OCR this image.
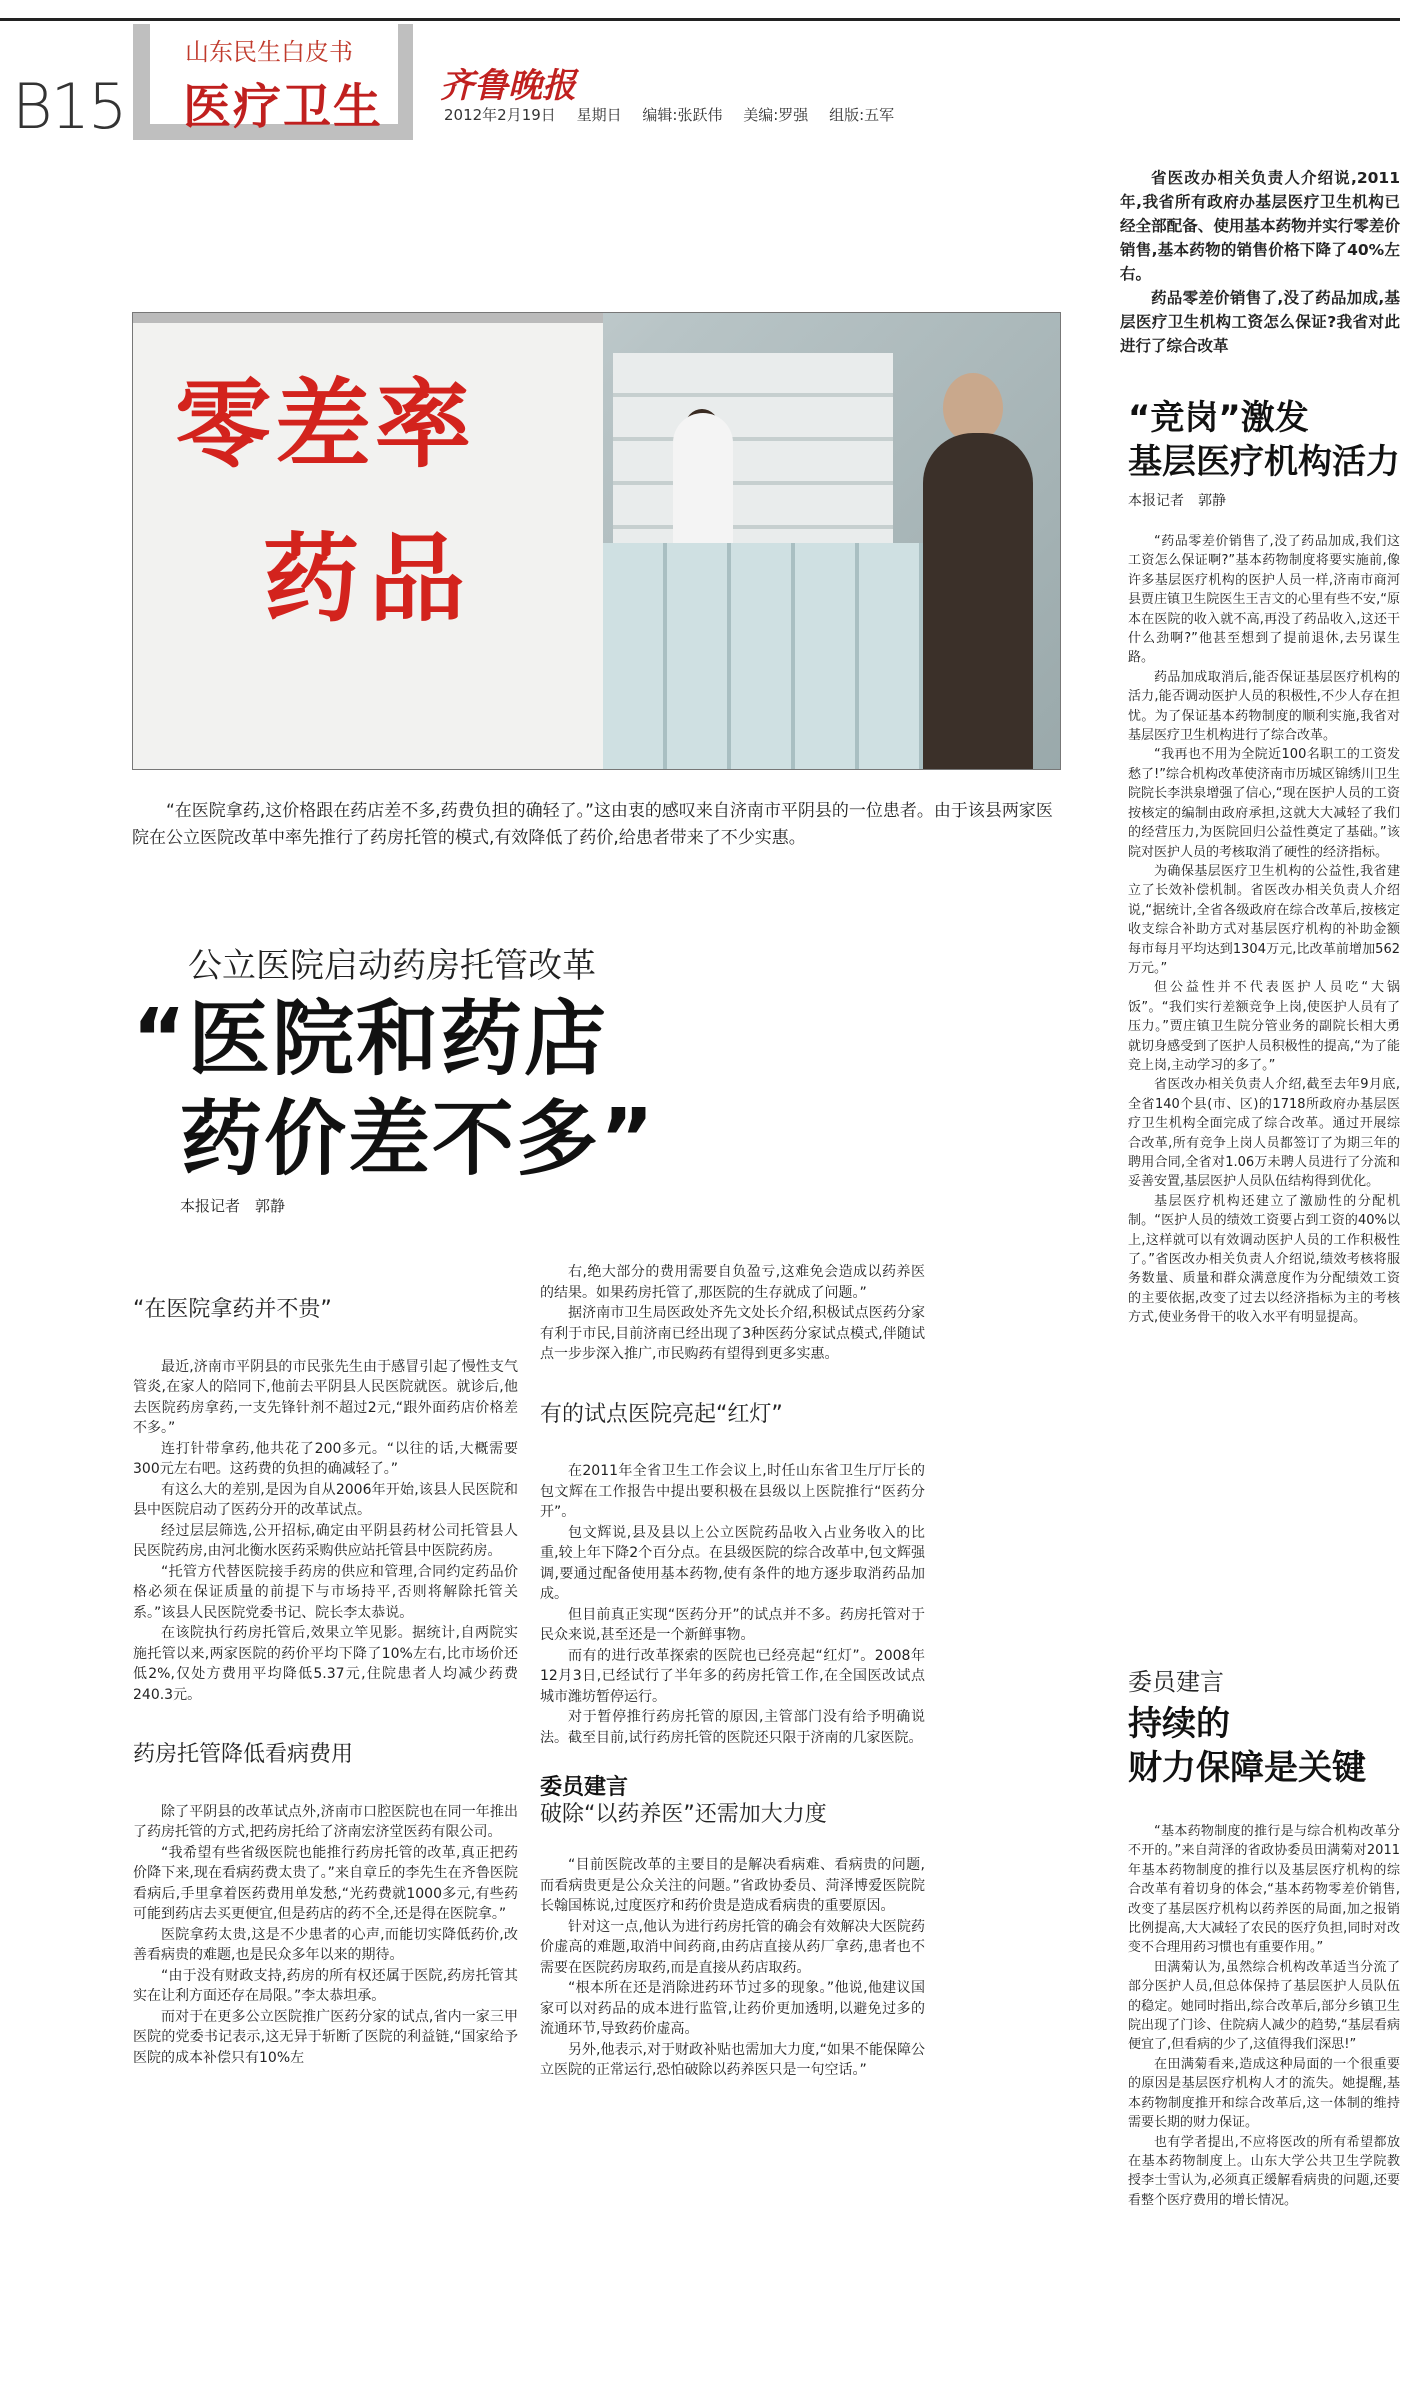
B15
山东民生白皮书
医疗卫生 齐鲁晚报
2012年2月19日 星期日 编辑:张跃伟 美编:罗强 组版:五军
零差率
药品
“在医院拿药,这价格跟在药店差不多,药费负担的确轻了。”这由衷的感叹来自济南市平阴县的一位患者。由于该县两家医院在公立医院改革中率先推行了药房托管的模式,有效降低了药价,给患者带来了不少实惠。
公立医院启动药房托管改革
“医院和药店
药价差不多”
本报记者　郭静
“在医院拿药并不贵”

最近,济南市平阴县的市民张先生由于感冒引起了慢性支气管炎,在家人的陪同下,他前去平阴县人民医院就医。就诊后,他去医院药房拿药,一支先锋针剂不超过2元,“跟外面药店价格差不多。”

连打针带拿药,他共花了200多元。“以往的话,大概需要300元左右吧。这药费的负担的确减轻了。”

有这么大的差别,是因为自从2006年开始,该县人民医院和县中医院启动了医药分开的改革试点。

经过层层筛选,公开招标,确定由平阴县药材公司托管县人民医院药房,由河北衡水医药采购供应站托管县中医院药房。

“托管方代替医院接手药房的供应和管理,合同约定药品价格必须在保证质量的前提下与市场持平,否则将解除托管关系。”该县人民医院党委书记、院长李太恭说。

在该院执行药房托管后,效果立竿见影。据统计,自两院实施托管以来,两家医院的药价平均下降了10%左右,比市场价还低2%,仅处方费用平均降低5.37元,住院患者人均减少药费240.3元。

药房托管降低看病费用

除了平阴县的改革试点外,济南市口腔医院也在同一年推出了药房托管的方式,把药房托给了济南宏济堂医药有限公司。

“我希望有些省级医院也能推行药房托管的改革,真正把药价降下来,现在看病药费太贵了。”来自章丘的李先生在齐鲁医院看病后,手里拿着医药费用单发愁,“光药费就1000多元,有些药可能到药店去买更便宜,但是药店的药不全,还是得在医院拿。”

医院拿药太贵,这是不少患者的心声,而能切实降低药价,改善看病贵的难题,也是民众多年以来的期待。

“由于没有财政支持,药房的所有权还属于医院,药房托管其实在让利方面还存在局限。”李太恭坦承。

而对于在更多公立医院推广医药分家的试点,省内一家三甲医院的党委书记表示,这无异于斩断了医院的利益链,“国家给予医院的成本补偿只有10%左

右,绝大部分的费用需要自负盈亏,这难免会造成以药养医的结果。如果药房托管了,那医院的生存就成了问题。”

据济南市卫生局医政处齐先文处长介绍,积极试点医药分家有利于市民,目前济南已经出现了3种医药分家试点模式,伴随试点一步步深入推广,市民购药有望得到更多实惠。

有的试点医院亮起“红灯”

在2011年全省卫生工作会议上,时任山东省卫生厅厅长的包文辉在工作报告中提出要积极在县级以上医院推行“医药分开”。

包文辉说,县及县以上公立医院药品收入占业务收入的比重,较上年下降2个百分点。在县级医院的综合改革中,包文辉强调,要通过配备使用基本药物,使有条件的地方逐步取消药品加成。

但目前真正实现“医药分开”的试点并不多。药房托管对于民众来说,甚至还是一个新鲜事物。

而有的进行改革探索的医院也已经亮起“红灯”。2008年12月3日,已经试行了半年多的药房托管工作,在全国医改试点城市潍坊暂停运行。

对于暂停推行药房托管的原因,主管部门没有给予明确说法。截至目前,试行药房托管的医院还只限于济南的几家医院。

委员建言
破除“以药养医”还需加大力度

“目前医院改革的主要目的是解决看病难、看病贵的问题,而看病贵更是公众关注的问题。”省政协委员、菏泽博爱医院院长翰国栋说,过度医疗和药价贵是造成看病贵的重要原因。

针对这一点,他认为进行药房托管的确会有效解决大医院药价虚高的难题,取消中间药商,由药店直接从药厂拿药,患者也不需要在医院药房取药,而是直接从药店取药。

“根本所在还是消除进药环节过多的现象。”他说,他建议国家可以对药品的成本进行监管,让药价更加透明,以避免过多的流通环节,导致药价虚高。

另外,他表示,对于财政补贴也需加大力度,“如果不能保障公立医院的正常运行,恐怕破除以药养医只是一句空话。”

省医改办相关负责人介绍说,2011年,我省所有政府办基层医疗卫生机构已经全部配备、使用基本药物并实行零差价销售,基本药物的销售价格下降了40%左右。

药品零差价销售了,没了药品加成,基层医疗卫生机构工资怎么保证?我省对此进行了综合改革

“竞岗”激发
基层医疗机构活力
本报记者　郭静

“药品零差价销售了,没了药品加成,我们这工资怎么保证啊?”基本药物制度将要实施前,像许多基层医疗机构的医护人员一样,济南市商河县贾庄镇卫生院医生王吉文的心里有些不安,“原本在医院的收入就不高,再没了药品收入,这还干什么劲啊?”他甚至想到了提前退休,去另谋生路。

药品加成取消后,能否保证基层医疗机构的活力,能否调动医护人员的积极性,不少人存在担忧。为了保证基本药物制度的顺利实施,我省对基层医疗卫生机构进行了综合改革。

“我再也不用为全院近100名职工的工资发愁了!”综合机构改革使济南市历城区锦绣川卫生院院长李洪泉增强了信心,“现在医护人员的工资按核定的编制由政府承担,这就大大减轻了我们的经营压力,为医院回归公益性奠定了基础。”该院对医护人员的考核取消了硬性的经济指标。

为确保基层医疗卫生机构的公益性,我省建立了长效补偿机制。省医改办相关负责人介绍说,“据统计,全省各级政府在综合改革后,按核定收支综合补助方式对基层医疗机构的补助金额每市每月平均达到1304万元,比改革前增加562万元。”

但公益性并不代表医护人员吃“大锅饭”。“我们实行差额竞争上岗,使医护人员有了压力。”贾庄镇卫生院分管业务的副院长相大勇就切身感受到了医护人员积极性的提高,“为了能竞上岗,主动学习的多了。”

省医改办相关负责人介绍,截至去年9月底,全省140个县(市、区)的1718所政府办基层医疗卫生机构全面完成了综合改革。通过开展综合改革,所有竞争上岗人员都签订了为期三年的聘用合同,全省对1.06万未聘人员进行了分流和妥善安置,基层医护人员队伍结构得到优化。

基层医疗机构还建立了激励性的分配机制。“医护人员的绩效工资要占到工资的40%以上,这样就可以有效调动医护人员的工作积极性了。”省医改办相关负责人介绍说,绩效考核将服务数量、质量和群众满意度作为分配绩效工资的主要依据,改变了过去以经济指标为主的考核方式,使业务骨干的收入水平有明显提高。

委员建言
持续的
财力保障是关键

“基本药物制度的推行是与综合机构改革分不开的。”来自菏泽的省政协委员田满菊对2011年基本药物制度的推行以及基层医疗机构的综合改革有着切身的体会,“基本药物零差价销售,改变了基层医疗机构以药养医的局面,加之报销比例提高,大大减轻了农民的医疗负担,同时对改变不合理用药习惯也有重要作用。”

田满菊认为,虽然综合机构改革适当分流了部分医护人员,但总体保持了基层医护人员队伍的稳定。她同时指出,综合改革后,部分乡镇卫生院出现了门诊、住院病人减少的趋势,“基层看病便宜了,但看病的少了,这值得我们深思!”

在田满菊看来,造成这种局面的一个很重要的原因是基层医疗机构人才的流失。她提醒,基本药物制度推开和综合改革后,这一体制的维持需要长期的财力保证。

也有学者提出,不应将医改的所有希望都放在基本药物制度上。山东大学公共卫生学院教授李士雪认为,必须真正缓解看病贵的问题,还要看整个医疗费用的增长情况。
